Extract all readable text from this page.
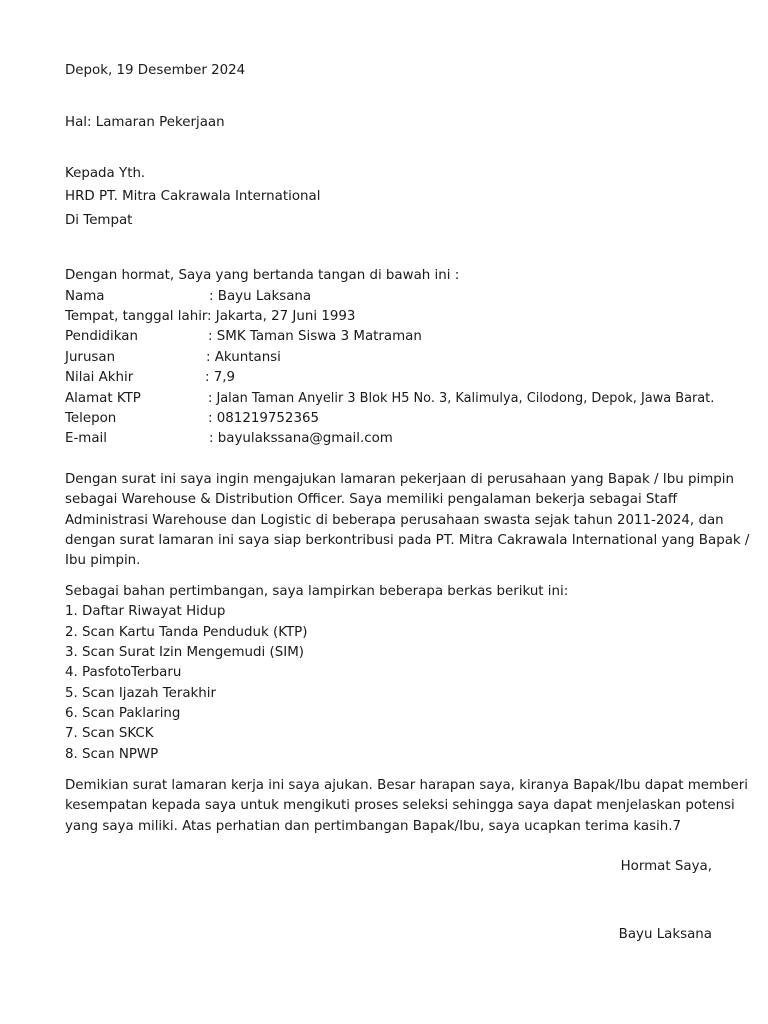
Depok, 19 Desember 2024
Hal: Lamaran Pekerjaan
Kepada Yth.
HRD PT. Mitra Cakrawala International
Di Tempat
Dengan hormat, Saya yang bertanda tangan di bawah ini :
Nama	: Bayu Laksana
Tempat, tanggal lahir : Jakarta, 27 Juni 1993
Pendidikan	: SMK Taman Siswa 3 Matraman
Jurusan	: Akuntansi
Nilai Akhir	: 7,9
Alamat KTP	: Jalan Taman Anyelir 3 Blok H5 No. 3, Kalimulya, Cilodong, Depok, Jawa Barat.
Telepon	: 081219752365
E-mail	: bayulakssana@gmail.com
Dengan surat ini saya ingin mengajukan lamaran pekerjaan di perusahaan yang Bapak / Ibu pimpin
sebagai Warehouse & Distribution Officer. Saya memiliki pengalaman bekerja sebagai Staff
Administrasi Warehouse dan Logistic di beberapa perusahaan swasta sejak tahun 2011-2024, dan
dengan surat lamaran ini saya siap berkontribusi pada PT. Mitra Cakrawala International yang Bapak /
Ibu pimpin.
Sebagai bahan pertimbangan, saya lampirkan beberapa berkas berikut ini:
1. Daftar Riwayat Hidup
2. Scan Kartu Tanda Penduduk (KTP)
3. Scan Surat Izin Mengemudi (SIM)
4. PasfotoTerbaru
5. Scan Ijazah Terakhir
6. Scan Paklaring
7. Scan SKCK
8. Scan NPWP
Demikian surat lamaran kerja ini saya ajukan. Besar harapan saya, kiranya Bapak/Ibu dapat memberi
kesempatan kepada saya untuk mengikuti proses seleksi sehingga saya dapat menjelaskan potensi
yang saya miliki. Atas perhatian dan pertimbangan Bapak/Ibu, saya ucapkan terima kasih.7
Hormat Saya,
Bayu Laksana
